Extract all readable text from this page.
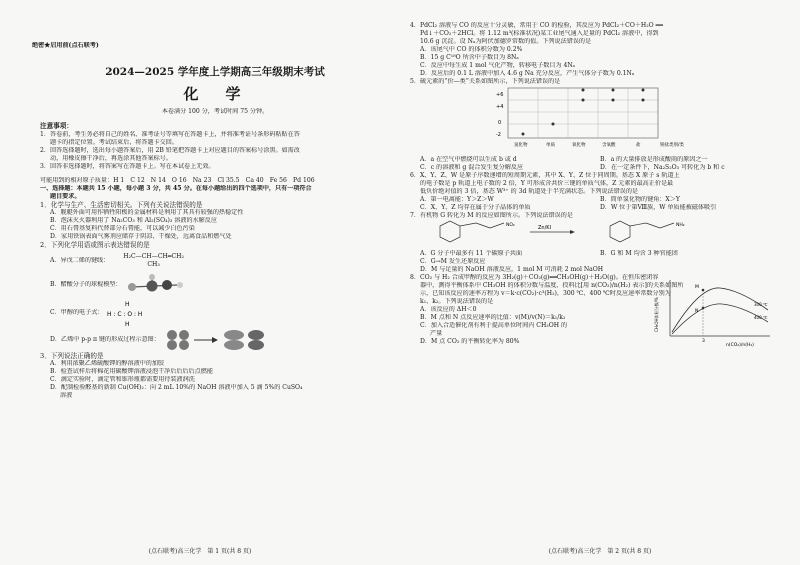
绝密★启用前(点石联考)
2024—2025 学年度上学期高三年级期末考试
化　学
本卷满分 100 分，考试时间 75 分钟。
注意事项：
1．答卷前，考生务必将自己的姓名、准考证号等填写在答题卡上，并将准考证号条形码粘贴在答
题卡的指定位置。考试结束后，将答题卡交回。
2．回答选择题时，选出每小题答案后，用 2B 铅笔把答题卡上对应题目的答案标号涂黑。如需改
动，用橡皮擦干净后，再选涂其他答案标号。
3．回答非选择题时，将答案写在答题卡上。写在本试卷上无效。
可能用到的相对原子质量：H 1　C 12　N 14　O 16　Na 23　Cl 35.5　Ca 40　Fe 56　Pd 106
一、选择题：本题共 15 小题，每小题 3 分，共 45 分。在每小题给出的四个选项中，只有一项符合
题目要求。
1．化学与生产、生活密切相关。下列有关说法错误的是
A．舰艇外面可用作牺牲阳极的金属材料是利用了其具有较强的热稳定性
B．泡沫灭火器利用了 Na₂CO₃ 和 Al₂(SO₄)₃ 溶液的水解反应
C．用石膏基复料代替部分石膏能，可以减少白色污染
D．家用铁锅表面气雾剂应储存于阴凉、干燥处，远离食品和燃气处
2．下列化学用语或图示表达错误的是
A．异戊二烯的键线：
H₂C—CH—CH═CH₂
CH₃
B．醋酸分子的球棍模型：
C．甲醇的电子式：
H
H : C : O : H
H
D．乙烯中 p-p π 键的形成过程示意图：
3．下列说法正确的是
A．利用浓聚乙烯硫酸钾的醇溶液中的加胶
B．检查试样后将棉花用碳酸钾溶液浸泡干净后后后后点燃能
C．滴定实验时，滴定管和锥形瓶都需要用待装液润洗
D．配制检验醛基的新制 Cu(OH)₂：向 2 mL 10%的 NaOH 溶液中加入 5 滴 5%的 CuSO₄
溶液
(点石联考)高三化学　第 1 页(共 8 页)
4．PdCl₂ 溶液与 CO 的反应十分灵敏，常用于 CO 的检验，其反应为 PdCl₂＋CO＋H₂O ══
Pd↓＋CO₂＋2HCl。将 1.12 m³(标准状况)某工业尾气通入足量的 PdCl₂ 溶液中，得到
10.6 g 沉淀。设 Nₐ为阿伏加德罗常数的值。下列说法错误的是
A．该尾气中 CO 的体积分数为 0.2%
B．15 g C¹⁸O 所含中子数目为 8Nₐ
C．反应中每生成 1 mol 气化产物，转移电子数目为 4Nₐ
D．反应后的 0.1 L 溶液中加入 4.6 g Na 充分反应，产生气体分子数为 0.1Nₐ
5．硫元素的“价—类”关系如图所示，下列说法错误的是
+6
+4
0
-2
氢化物	单质	氧化物	含氧酸	盐	钠盐类别/类
A．a 在空气中燃烧可以生成 b 或 d	B．a 的大量排放是形成酸雨的原因之一
C．c 的溶液和 g 混合发生复分解反应	D．在一定条件下，Na₂S₂O₃ 可转化为 b 和 c
6．X、Y、Z、W 是原子序数递增的短周期元素，其中 X、Y、Z 位于同周期。基态 X 原子 s 轨道上
的电子数是 p 轨道上电子数的 2 倍，Y 可形成含共价三键的单质气体，Z 元素的最高正价是最
低负价绝对值的 3 倍，基态 W³⁺ 的 3d 轨道处于半充满状态。下列说法错误的是
A．第一电离能：Y＞Z＞W	B．简单氢化物的键角：X＞Y
C．X、Y、Z 均存在属于分子晶体的单质	D．W 位于第Ⅷ族，W 单质能被磁体吸引
7．有机物 G 转化为 M 的反应如图所示。下列说法错误的是
NO₂	Zn/KI	NH₂
A．G 分子中最多有 11 个碳原子共面	B．G 和 M 均含 3 种官能团
C．G→M 发生还原反应
D．M 与足量的 NaOH 溶液反应，1 mol M 可消耗 2 mol NaOH
8．CO₂ 与 H₂ 合成甲醇的反应为 3H₂(g)＋CO₂(g)══CH₃OH(g)＋H₂O(g)。在恒压密闭容
器中，测得平衡体系中 CH₃OH 的体积分数与温度、投料比[用 n(CO₂)/n(H₂) 表示]的关系如图所
示，已知该反应的速率方程为 v＝k·c(CO₂)·c³(H₂)，300 ℃、400 ℃时反应速率常数分别为
k₁、k₂。下列说法错误的是
A．该反应的 ΔH＜0
B．M 点和 N 点反应速率的比值：v(M)/v(N)＝k₁/k₂
C．加入合适催化剂有利于提高单位时间内 CH₃OH 的
产量
D．M 点 CO₂ 的平衡转化率为 80%
CH₃OH体积分数/%
n(CO₂)/n(H₂)
3
M
N
300 ℃
400 ℃
(点石联考)高三化学　第 2 页(共 8 页)
